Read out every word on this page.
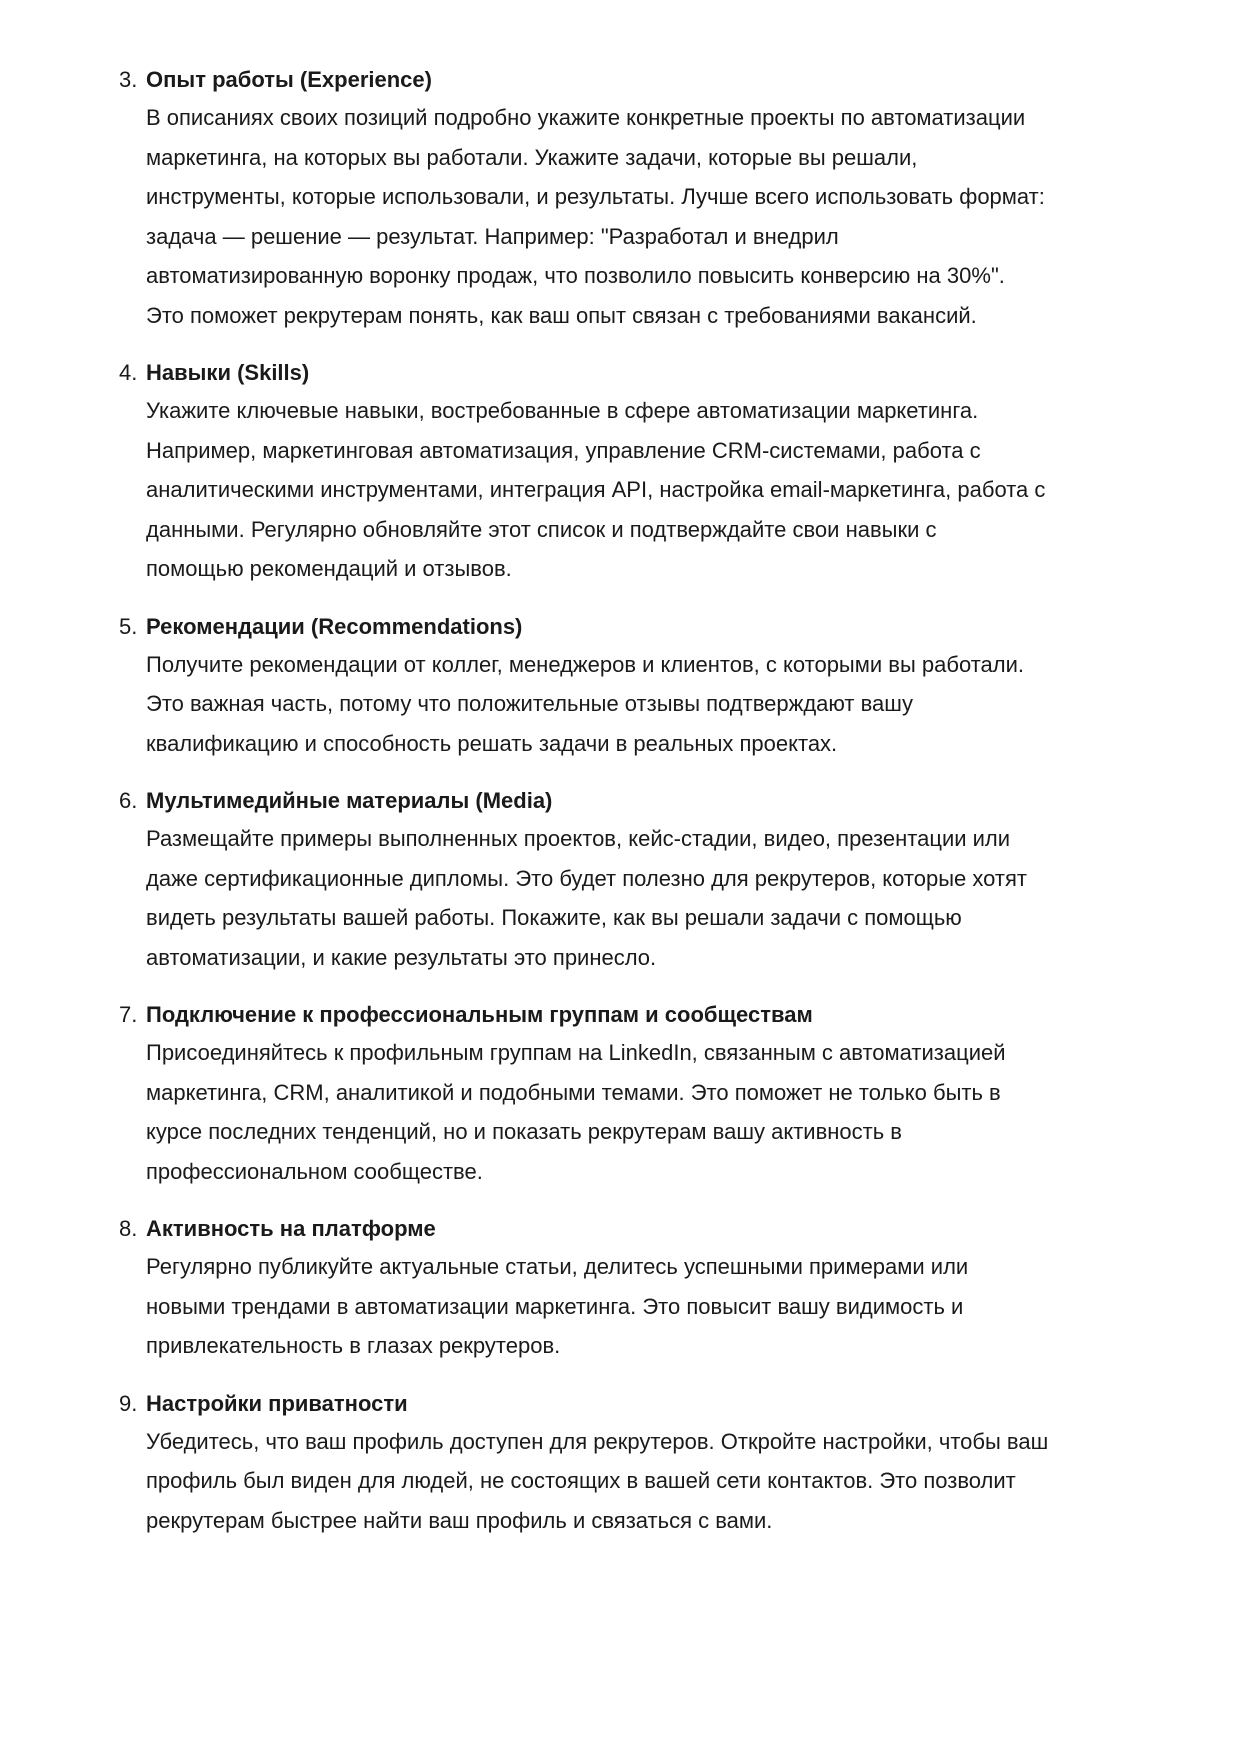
3. Опыт работы (Experience)
В описаниях своих позиций подробно укажите конкретные проекты по автоматизации
маркетинга, на которых вы работали. Укажите задачи, которые вы решали,
инструменты, которые использовали, и результаты. Лучше всего использовать формат:
задача — решение — результат. Например: "Разработал и внедрил
автоматизированную воронку продаж, что позволило повысить конверсию на 30%".
Это поможет рекрутерам понять, как ваш опыт связан с требованиями вакансий.
4. Навыки (Skills)
Укажите ключевые навыки, востребованные в сфере автоматизации маркетинга.
Например, маркетинговая автоматизация, управление CRM-системами, работа с
аналитическими инструментами, интеграция API, настройка email-маркетинга, работа с
данными. Регулярно обновляйте этот список и подтверждайте свои навыки с
помощью рекомендаций и отзывов.
5. Рекомендации (Recommendations)
Получите рекомендации от коллег, менеджеров и клиентов, с которыми вы работали.
Это важная часть, потому что положительные отзывы подтверждают вашу
квалификацию и способность решать задачи в реальных проектах.
6. Мультимедийные материалы (Media)
Размещайте примеры выполненных проектов, кейс-стадии, видео, презентации или
даже сертификационные дипломы. Это будет полезно для рекрутеров, которые хотят
видеть результаты вашей работы. Покажите, как вы решали задачи с помощью
автоматизации, и какие результаты это принесло.
7. Подключение к профессиональным группам и сообществам
Присоединяйтесь к профильным группам на LinkedIn, связанным с автоматизацией
маркетинга, CRM, аналитикой и подобными темами. Это поможет не только быть в
курсе последних тенденций, но и показать рекрутерам вашу активность в
профессиональном сообществе.
8. Активность на платформе
Регулярно публикуйте актуальные статьи, делитесь успешными примерами или
новыми трендами в автоматизации маркетинга. Это повысит вашу видимость и
привлекательность в глазах рекрутеров.
9. Настройки приватности
Убедитесь, что ваш профиль доступен для рекрутеров. Откройте настройки, чтобы ваш
профиль был виден для людей, не состоящих в вашей сети контактов. Это позволит
рекрутерам быстрее найти ваш профиль и связаться с вами.
